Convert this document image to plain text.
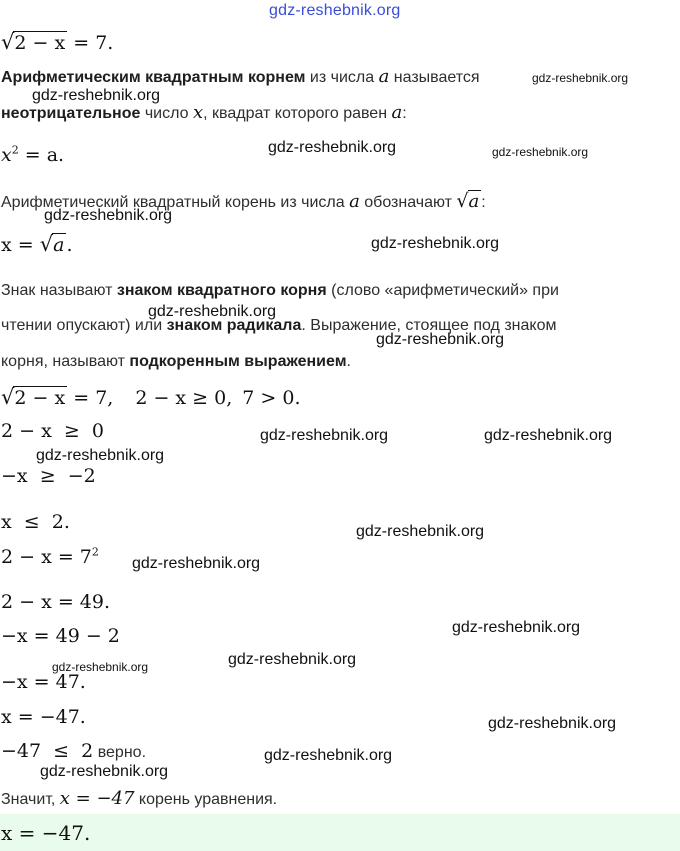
gdz-reshebnik.org
√2 − x = 7.
Арифметическим квадратным корнем из числа a называется
неотрицательное число x, квадрат которого равен a:
$x^2 = a$.
Арифметический квадратный корень из числа a обозначают √a :
x = √a .
Знак называют знаком квадратного корня (слово «арифметический» при
чтении опускают) или знаком радикала. Выражение, стоящее под знаком
корня, называют подкоренным выражением.
√2 − x = 7, 2 − x ≥ 0, 7 > 0.
2 − x  ≥  0
−x  ≥  −2
x  ≤  2.
$2 - x = 7^2$
2 − x = 49.
−x = 49 − 2
−x = 47.
x = −47.
−47  ≤  2 верно.
Значит, x = −47 корень уравнения.
x = −47.
gdz-reshebnik.org
gdz-reshebnik.org
gdz-reshebnik.org	gdz-reshebnik.org
gdz-reshebnik.org
gdz-reshebnik.org
gdz-reshebnik.org
gdz-reshebnik.org
gdz-reshebnik.org	gdz-reshebnik.org
gdz-reshebnik.org
gdz-reshebnik.org
gdz-reshebnik.org
gdz-reshebnik.org
gdz-reshebnik.org
gdz-reshebnik.org
gdz-reshebnik.org
gdz-reshebnik.org
gdz-reshebnik.org
